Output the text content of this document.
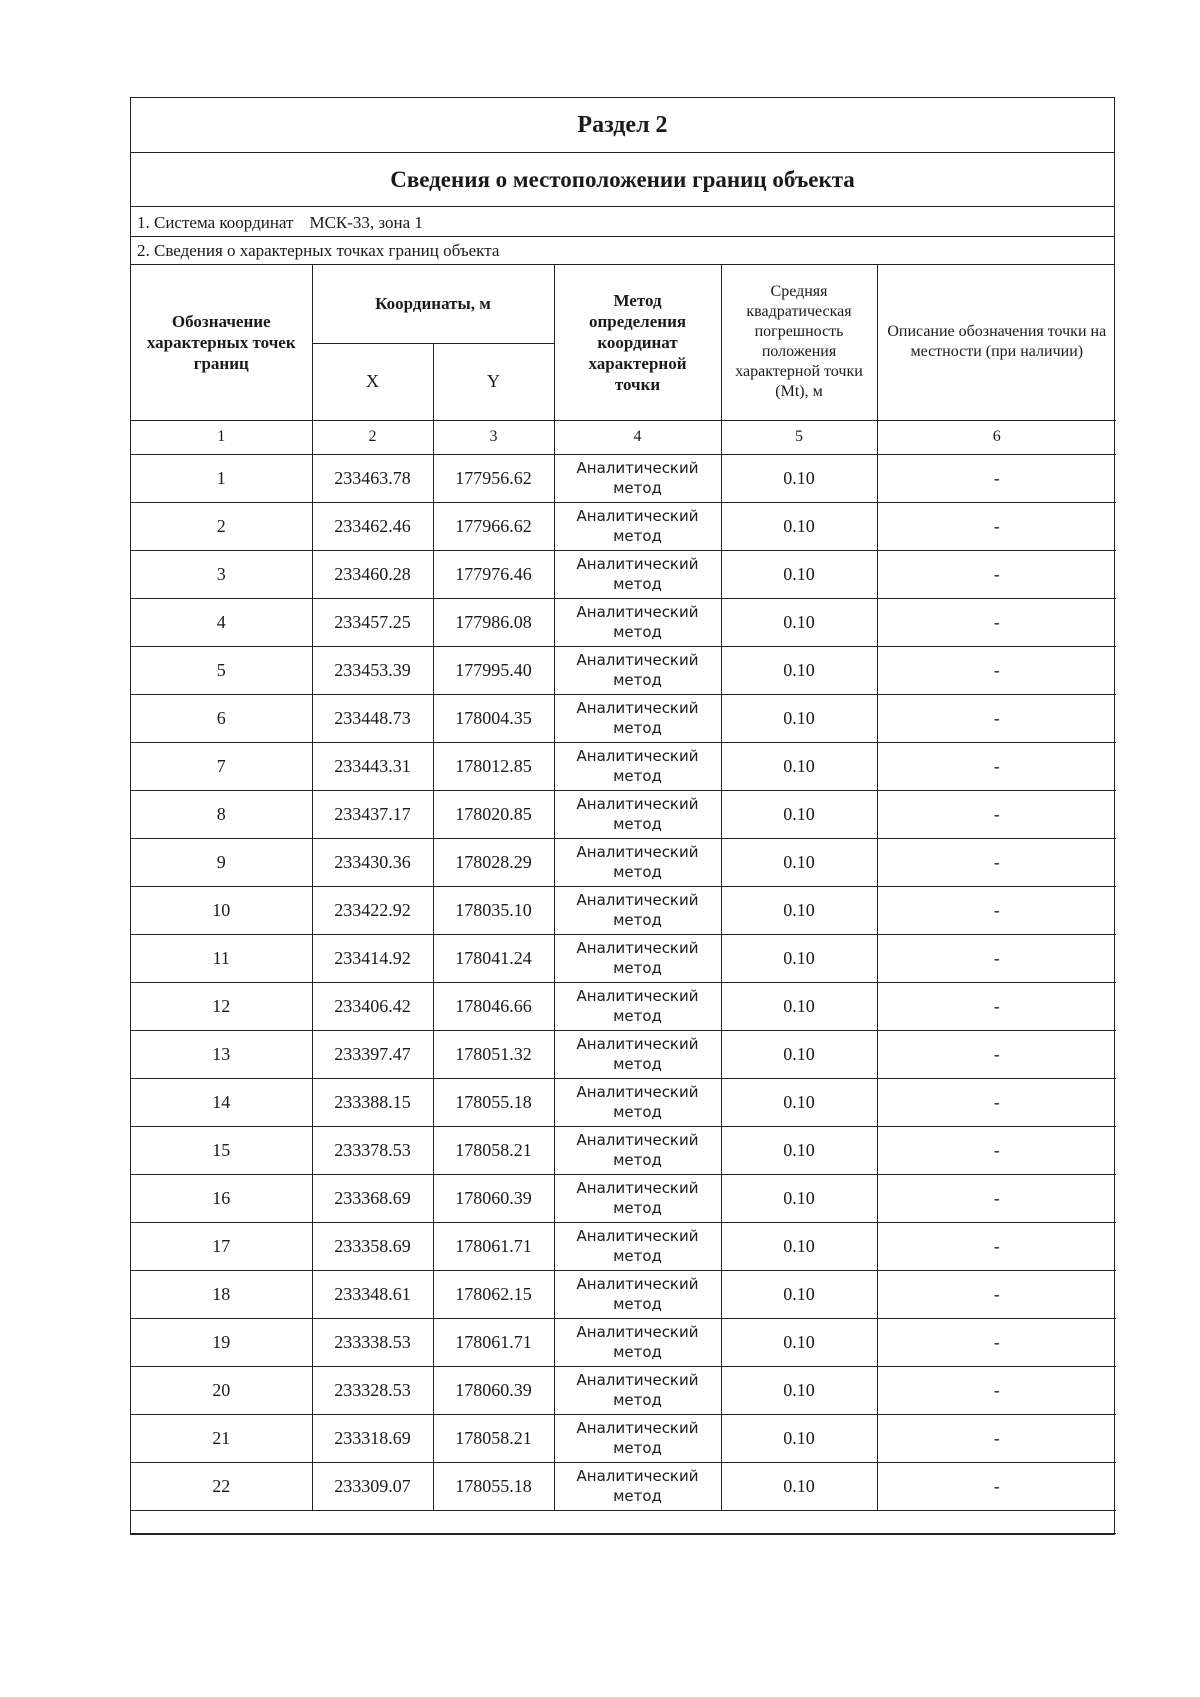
Раздел 2
Сведения о местоположении границ объекта
1. Система координат МСК-33, зона 1
2. Сведения о характерных точках границ объекта
Обозначение характерных точек границ	Координаты, м		Метод определения координат характерной точки	Средняя квадратическая погрешность положения характерной точки (Mt), м	Описание обозначения точки на местности (при наличии)
	X	Y			
1	2	3	4	5	6
1	233463.78	177956.62	Аналитический метод	0.10	-
2	233462.46	177966.62	Аналитический метод	0.10	-
3	233460.28	177976.46	Аналитический метод	0.10	-
4	233457.25	177986.08	Аналитический метод	0.10	-
5	233453.39	177995.40	Аналитический метод	0.10	-
6	233448.73	178004.35	Аналитический метод	0.10	-
7	233443.31	178012.85	Аналитический метод	0.10	-
8	233437.17	178020.85	Аналитический метод	0.10	-
9	233430.36	178028.29	Аналитический метод	0.10	-
10	233422.92	178035.10	Аналитический метод	0.10	-
11	233414.92	178041.24	Аналитический метод	0.10	-
12	233406.42	178046.66	Аналитический метод	0.10	-
13	233397.47	178051.32	Аналитический метод	0.10	-
14	233388.15	178055.18	Аналитический метод	0.10	-
15	233378.53	178058.21	Аналитический метод	0.10	-
16	233368.69	178060.39	Аналитический метод	0.10	-
17	233358.69	178061.71	Аналитический метод	0.10	-
18	233348.61	178062.15	Аналитический метод	0.10	-
19	233338.53	178061.71	Аналитический метод	0.10	-
20	233328.53	178060.39	Аналитический метод	0.10	-
21	233318.69	178058.21	Аналитический метод	0.10	-
22	233309.07	178055.18	Аналитический метод	0.10	-
